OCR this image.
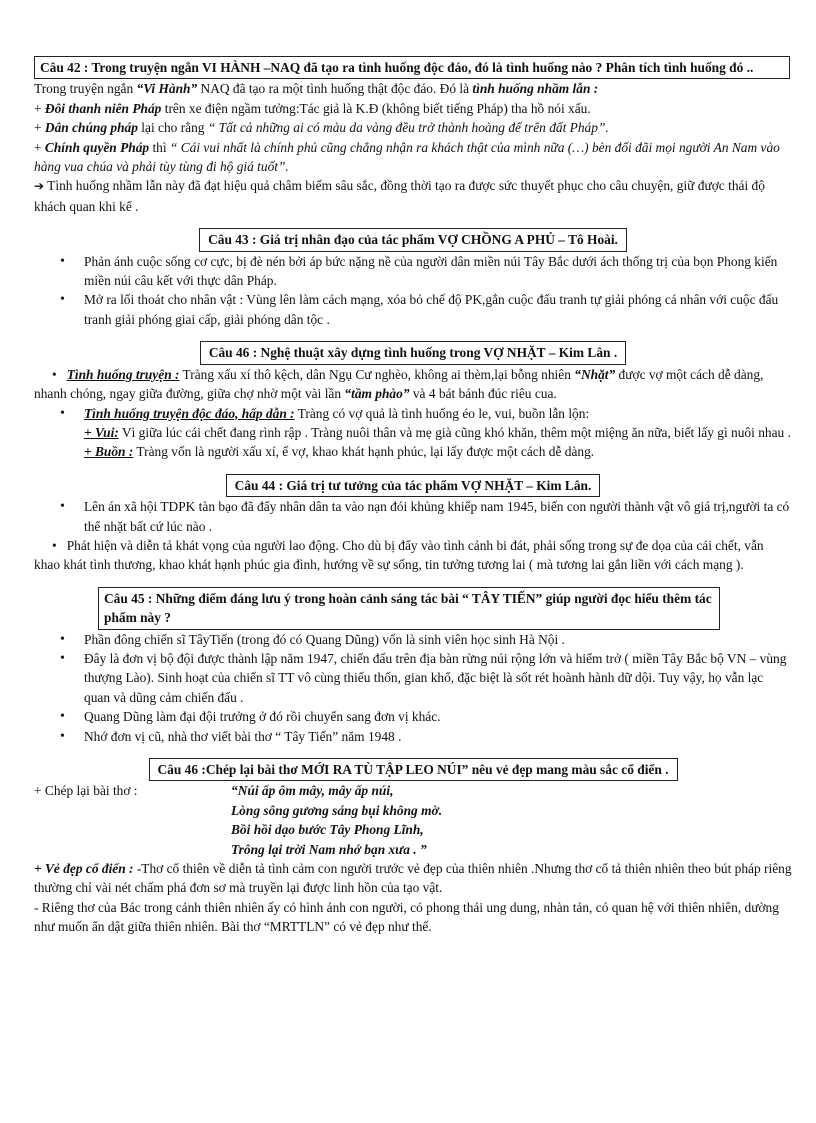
Câu 42 : Trong truyện ngắn VI HÀNH –NAQ đã tạo ra tình huống độc đáo, đó là tình huống nào ? Phân tích tình huống đó ..

Trong truyện ngắn “Vi Hành” NAQ đã tạo ra một tình huống thật độc đáo. Đó là tình huống nhầm lẫn :

+ Đôi thanh niên Pháp trên xe điện ngầm tưởng:Tác giả là K.Đ (không biết tiếng Pháp) tha hồ nói xấu.

+ Dân chúng pháp lại cho rằng “ Tất cả những ai có màu da vàng đều trở thành hoàng đế trên đất Pháp”.

+ Chính quyền Pháp thì “ Cái vui nhất là chính phủ cũng chẳng nhận ra khách thật của mình nữa (…) bèn đối đãi mọi người An Nam vào hàng vua chúa và phải tùy tùng đi hộ giá tuốt”.

➔ Tình huống nhầm lẫn này đã đạt hiệu quả châm biếm sâu sắc, đồng thời tạo ra được sức thuyết phục cho câu chuyện, giữ được thái độ khách quan khi kể .

Câu 43 : Giá trị nhân đạo của tác phẩm VỢ CHỒNG A PHỦ – Tô Hoài.
• Phản ánh cuộc sống cơ cực, bị đè nén bởi áp bức nặng nề của người dân miền núi Tây Bắc dưới ách thống trị của bọn Phong kiến miền núi câu kết với thực dân Pháp.
• Mở ra lối thoát cho nhân vật : Vùng lên làm cách mạng, xóa bỏ chế độ PK,gắn cuộc đấu tranh tự giải phóng cá nhân với cuộc đấu tranh giải phóng giai cấp, giải phóng dân tộc .
Câu 46 : Nghệ thuật xây dựng tình huống trong VỢ NHẶT – Kim Lân .

• Tình huống truyện : Tràng xấu xí thô kệch, dân Ngụ Cư nghèo, không ai thèm,lại bỗng nhiên “Nhặt” được vợ một cách dễ dàng, nhanh chóng, ngay giữa đường, giữa chợ nhờ một vài lần “tầm phào” và 4 bát bánh đúc riêu cua.

• Tình huống truyện độc đáo, hấp dẫn : Tràng có vợ quả là tình huống éo le, vui, buồn lẫn lộn:

+ Vui: Vì giữa lúc cái chết đang rình rập . Tràng nuôi thân và mẹ già cũng khó khăn, thêm một miệng ăn nữa, biết lấy gì nuôi nhau .

+ Buồn : Tràng vốn là người xấu xí, ế vợ, khao khát hạnh phúc, lại lấy được một cách dễ dàng.

Câu 44 : Giá trị tư tưởng của tác phẩm VỢ NHẶT – Kim Lân.
• Lên án xã hội TDPK tàn bạo đã đẩy nhân dân ta vào nạn đói khủng khiếp nam 1945, biến con người thành vật vô giá trị,người ta có thể nhặt bất cứ lúc nào .

• Phát hiện và diễn tả khát vọng của người lao động. Cho dù bị đẩy vào tình cảnh bi đát, phải sống trong sự đe dọa của cái chết, vẫn khao khát tình thương, khao khát hạnh phúc gia đình, hướng về sự sống, tin tưởng tương lai ( mà tương lai gắn liền với cách mạng ).

Câu 45 : Những điểm đáng lưu ý trong hoàn cảnh sáng tác bài “ TÂY TIẾN” giúp người đọc hiểu thêm tác phẩm này ?
• Phần đông chiến sĩ TâyTiến (trong đó có Quang Dũng) vốn là sinh viên học sinh Hà Nội .
• Đây là đơn vị bộ đội được thành lập năm 1947, chiến đấu trên địa bàn rừng núi rộng lớn và hiểm trở ( miền Tây Bắc bộ VN – vùng thượng Lào). Sinh hoạt của chiến sĩ TT vô cùng thiếu thốn, gian khổ, đặc biệt là sốt rét hoành hành dữ dội. Tuy vậy, họ vẫn lạc quan và dũng cảm chiến đấu .
• Quang Dũng làm đại đội trưởng ở đó rồi chuyển sang đơn vị khác.
• Nhớ đơn vị cũ, nhà thơ viết bài thơ “ Tây Tiến” năm 1948 .
Câu 46 :Chép lại bài thơ MỚI RA TÙ TẬP LEO NÚI” nêu vẻ đẹp mang màu sắc cổ điển .
+ Chép lại bài thơ :	“Núi ấp ôm mây, mây ấp núi,

Lòng sông gương sáng bụi không mờ.

Bồi hồi dạo bước Tây Phong Lĩnh,

Trông lại trời Nam nhớ bạn xưa . ”

+ Vẻ đẹp cổ điển : -Thơ cổ thiên về diễn tả tình cảm con người trước vẻ đẹp của thiên nhiên .Nhưng thơ cổ tả thiên nhiên theo bút pháp riêng thường chỉ vài nét chấm phá đơn sơ mà truyền lại được linh hồn của tạo vật.

- Riêng thơ của Bác trong cảnh thiên nhiên ấy có hình ảnh con người, có phong thái ung dung, nhàn tản, có quan hệ với thiên nhiên, dường như muốn ẩn dật giữa thiên nhiên. Bài thơ “MRTTLN” có vẻ đẹp như thế.
